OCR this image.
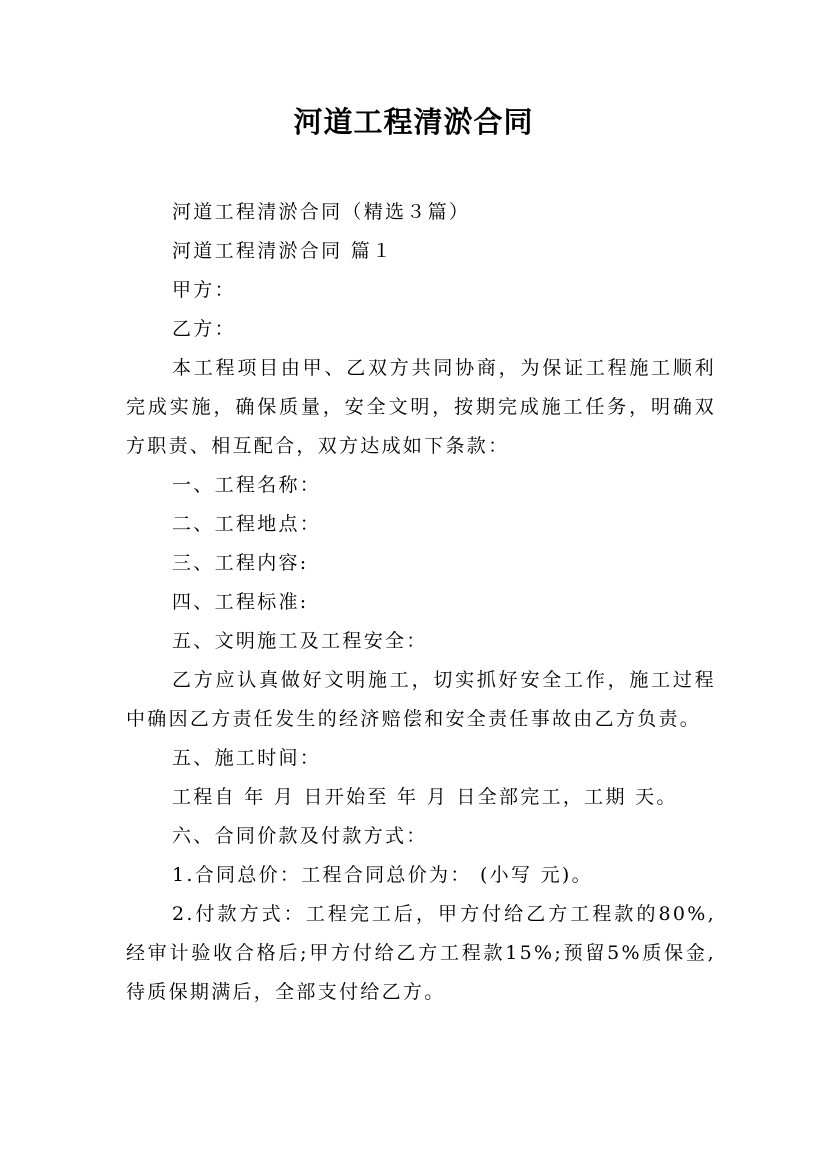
河道工程清淤合同

河道工程清淤合同（精选３篇）

河道工程清淤合同 篇１

甲方：

乙方：

本工程项目由甲、乙双方共同协商，为保证工程施工顺利完成实施，确保质量，安全文明，按期完成施工任务，明确双方职责、相互配合，双方达成如下条款：

一、工程名称：

二、工程地点：

三、工程内容:

四、工程标准:

五、文明施工及工程安全：

乙方应认真做好文明施工，切实抓好安全工作，施工过程中确因乙方责任发生的经济赔偿和安全责任事故由乙方负责。

五、施工时间：

工程自 年 月 日开始至 年 月 日全部完工，工期 天。

六、合同价款及付款方式：

1.合同总价：工程合同总价为： (小写 元)。

2.付款方式：工程完工后，甲方付给乙方工程款的80%,经审计验收合格后;甲方付给乙方工程款15%;预留5%质保金,待质保期满后，全部支付给乙方。
